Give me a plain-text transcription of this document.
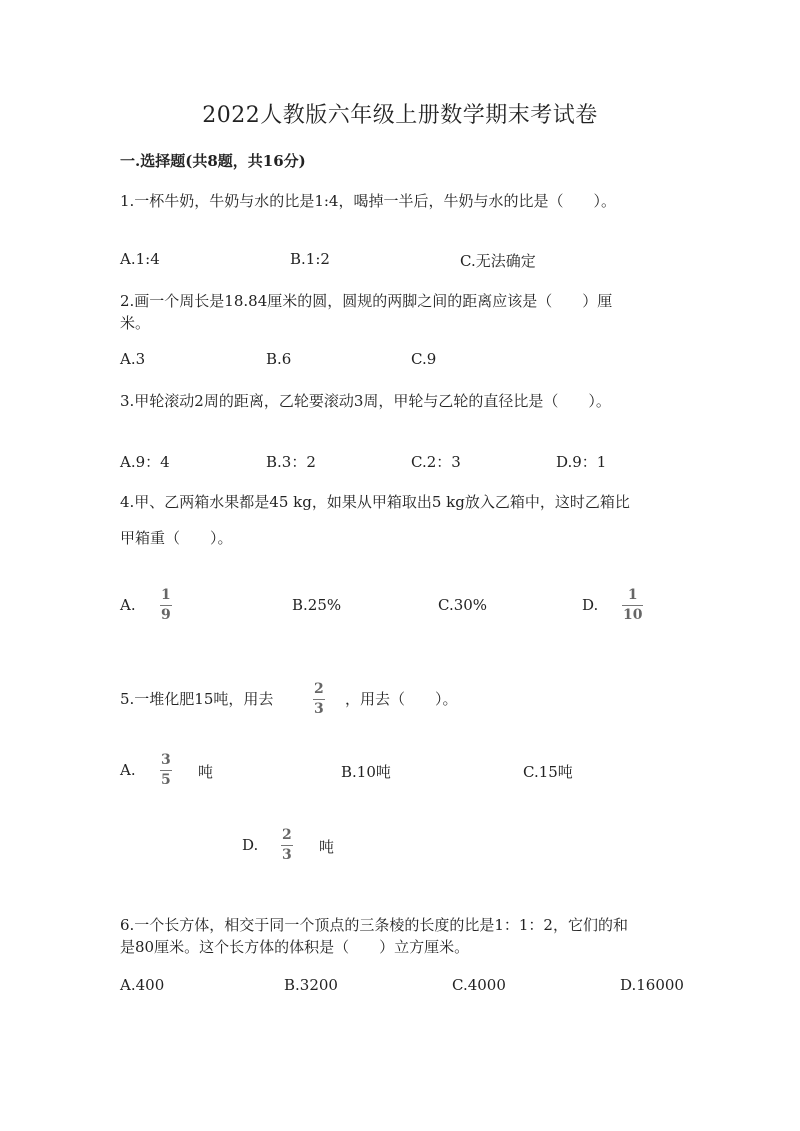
2022人教版六年级上册数学期末考试卷
一.选择题(共8题，共16分)
1.一杯牛奶，牛奶与水的比是1:4，喝掉一半后，牛奶与水的比是（　　）。
A.1:4	B.1:2	C.无法确定
2.画一个周长是18.84厘米的圆，圆规的两脚之间的距离应该是（　　）厘
米。
A.3	B.6	C.9
3.甲轮滚动2周的距离，乙轮要滚动3周，甲轮与乙轮的直径比是（　　）。
A.9：4	B.3：2	C.2：3	D.9：1
4.甲、乙两箱水果都是45 kg，如果从甲箱取出5 kg放入乙箱中，这时乙箱比
甲箱重（　　）。
A.
1
9
B.25%	C.30%	D.
1
10
5.一堆化肥15吨，用去
2
3
，用去（　　）。
A.
3
5 吨	B.10吨	C.15吨
D.
2
3 吨
6.一个长方体，相交于同一个顶点的三条棱的长度的比是1：1：2，它们的和
是80厘米。这个长方体的体积是（　　）立方厘米。
A.400	B.3200	C.4000	D.16000
